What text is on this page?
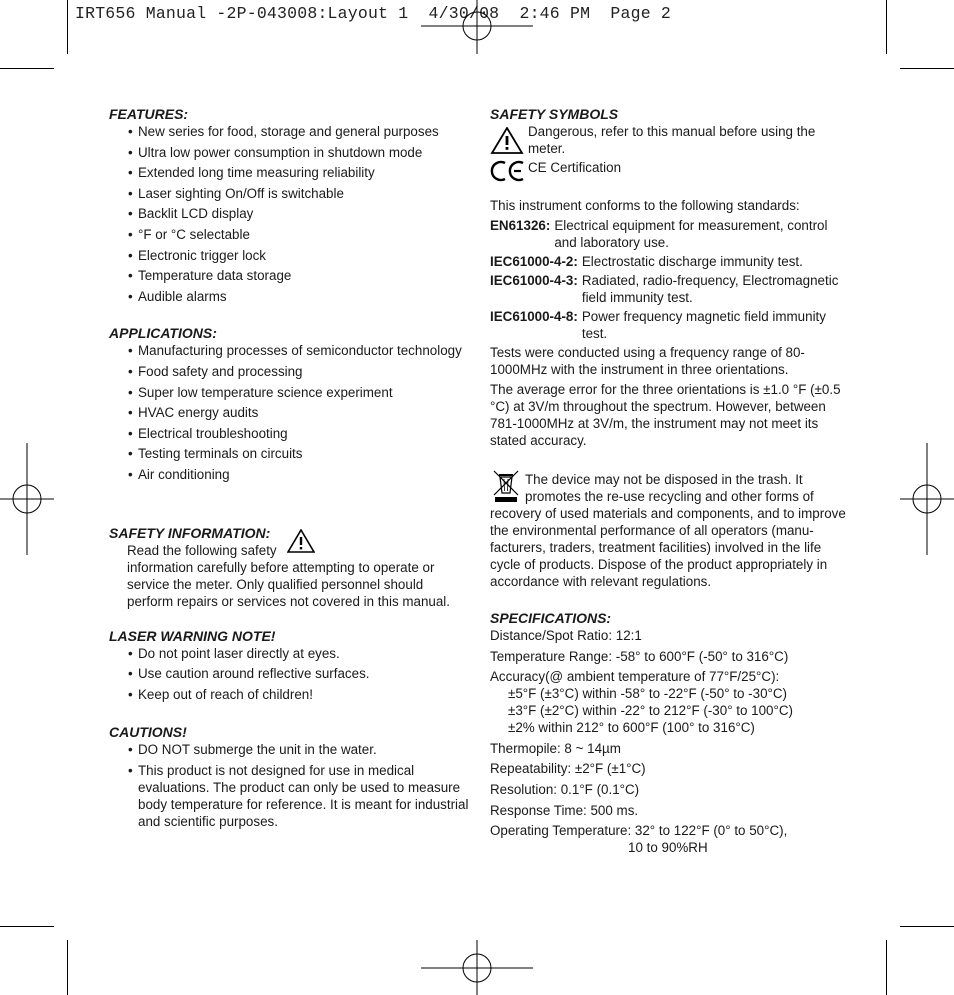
IRT656 Manual -2P-043008:Layout 1  4/30/08  2:46 PM  Page 2

FEATURES:

• New series for food, storage and general purposes
• Ultra low power consumption in shutdown mode
• Extended long time measuring reliability
• Laser sighting On/Off is switchable
• Backlit LCD display
• °F or °C selectable
• Electronic trigger lock
• Temperature data storage
• Audible alarms

APPLICATIONS:

• Manufacturing processes of semiconductor technology
• Food safety and processing
• Super low temperature science experiment
• HVAC energy audits
• Electrical troubleshooting
• Testing terminals on circuits
• Air conditioning

SAFETY INFORMATION:

Read the following safety

information carefully before attempting to operate or service the meter. Only qualified personnel should perform repairs or services not covered in this manual.

LASER WARNING NOTE!

• Do not point laser directly at eyes.
• Use caution around reflective surfaces.
• Keep out of reach of children!

CAUTIONS!

• DO NOT submerge the unit in the water.
• This product is not designed for use in medical evaluations. The product can only be used to measure body temperature for reference. It is meant for industrial and scientific purposes.

SAFETY SYMBOLS

Dangerous, refer to this manual before using the meter.

CE Certification

This instrument conforms to the following standards:

EN61326: Electrical equipment for measurement, control and laboratory use.
IEC61000-4-2: Electrostatic discharge immunity test.
IEC61000-4-3: Radiated, radio-frequency, Electromagnetic field immunity test.
IEC61000-4-8: Power frequency magnetic field immunity test.

Tests were conducted using a frequency range of 80-1000MHz with the instrument in three orientations.

The average error for the three orientations is ±1.0 °F (±0.5 °C) at 3V/m throughout the spectrum. However, between 781-1000MHz at 3V/m, the instrument may not meet its stated accuracy.

The device may not be disposed in the trash. It promotes the re-use recycling and other forms of recovery of used materials and components, and to improve the environmental performance of all operators (manu-facturers, traders, treatment facilities) involved in the life cycle of products. Dispose of the product appropriately in accordance with relevant regulations.

SPECIFICATIONS:

Distance/Spot Ratio: 12:1

Temperature Range: -58° to 600°F (-50° to 316°C)

Accuracy(@ ambient temperature of 77°F/25°C):

±5°F (±3°C) within -58° to -22°F (-50° to -30°C)

±3°F (±2°C) within -22° to 212°F (-30° to 100°C)

±2% within 212° to 600°F (100° to 316°C)

Thermopile: 8 ~ 14µm

Repeatability: ±2°F (±1°C)

Resolution: 0.1°F (0.1°C)

Response Time: 500 ms.

Operating Temperature: 32° to 122°F (0° to 50°C),

10 to 90%RH
